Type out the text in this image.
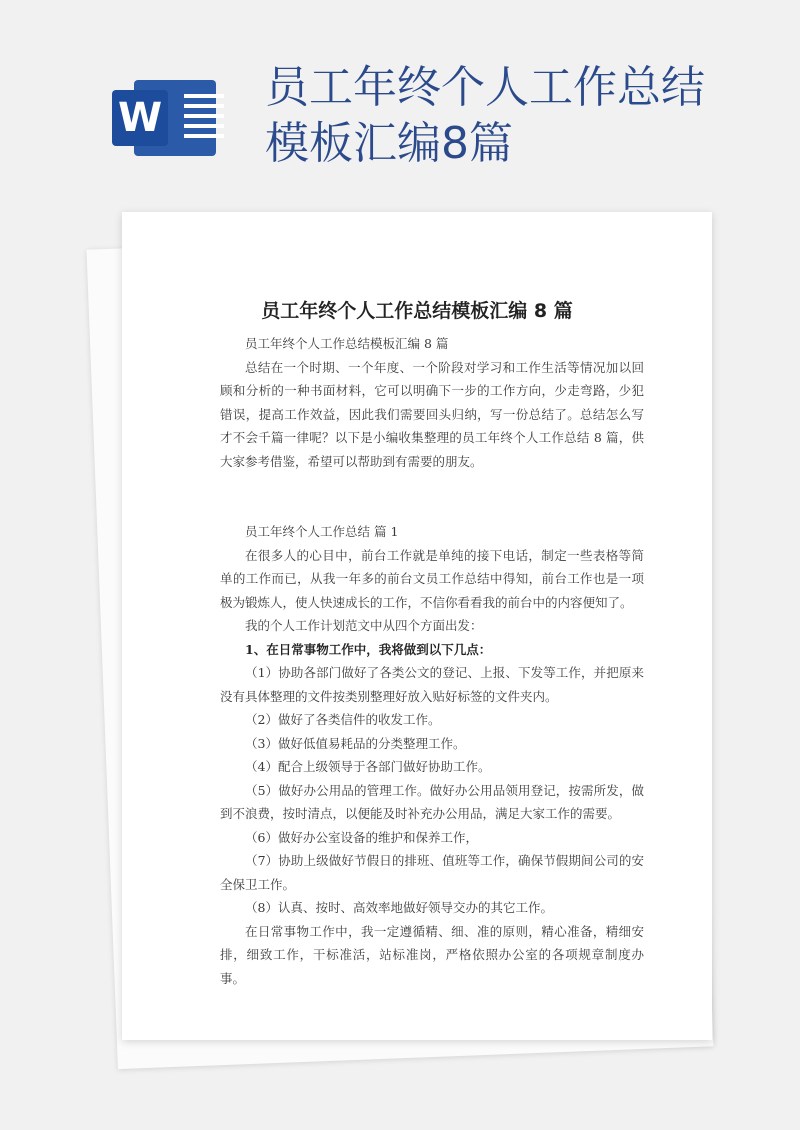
W
员工年终个人工作总结
模板汇编8篇
员工年终个人工作总结模板汇编 8 篇

员工年终个人工作总结模板汇编 8 篇

总结在一个时期、一个年度、一个阶段对学习和工作生活等情况加以回顾和分析的一种书面材料，它可以明确下一步的工作方向，少走弯路，少犯错误，提高工作效益，因此我们需要回头归纳，写一份总结了。总结怎么写才不会千篇一律呢？以下是小编收集整理的员工年终个人工作总结 8 篇，供大家参考借鉴，希望可以帮助到有需要的朋友。

员工年终个人工作总结 篇 1

在很多人的心目中，前台工作就是单纯的接下电话，制定一些表格等简单的工作而已，从我一年多的前台文员工作总结中得知，前台工作也是一项极为锻炼人，使人快速成长的工作，不信你看看我的前台中的内容便知了。

我的个人工作计划范文中从四个方面出发：

1、在日常事物工作中，我将做到以下几点：

（1）协助各部门做好了各类公文的登记、上报、下发等工作，并把原来没有具体整理的文件按类别整理好放入贴好标签的文件夹内。

（2）做好了各类信件的收发工作。

（3）做好低值易耗品的分类整理工作。

（4）配合上级领导于各部门做好协助工作。

（5）做好办公用品的管理工作。做好办公用品领用登记，按需所发，做到不浪费，按时清点，以便能及时补充办公用品，满足大家工作的需要。

（6）做好办公室设备的维护和保养工作，

（7）协助上级做好节假日的排班、值班等工作，确保节假期间公司的安全保卫工作。

（8）认真、按时、高效率地做好领导交办的其它工作。

在日常事物工作中，我一定遵循精、细、准的原则，精心准备，精细安排，细致工作，干标准活，站标准岗，严格依照办公室的各项规章制度办事。
